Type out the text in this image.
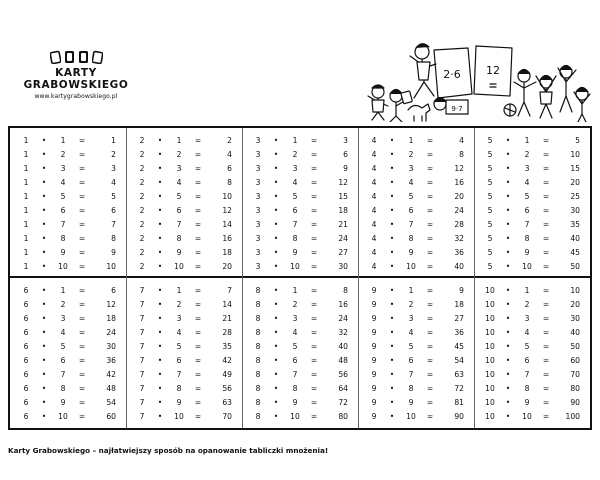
KARTY
GRABOWSKIEGO
www.kartygrabowskiego.pl
2·6 12
9·7
1	•	1	=	1
1	•	2	=	2
1	•	3	=	3
1	•	4	=	4
1	•	5	=	5
1	•	6	=	6
1	•	7	=	7
1	•	8	=	8
1	•	9	=	9
1	•	10	=	10
2	•	1	=	2
2	•	2	=	4
2	•	3	=	6
2	•	4	=	8
2	•	5	=	10
2	•	6	=	12
2	•	7	=	14
2	•	8	=	16
2	•	9	=	18
2	•	10	=	20
3	•	1	=	3
3	•	2	=	6
3	•	3	=	9
3	•	4	=	12
3	•	5	=	15
3	•	6	=	18
3	•	7	=	21
3	•	8	=	24
3	•	9	=	27
3	•	10	=	30
4	•	1	=	4
4	•	2	=	8
4	•	3	=	12
4	•	4	=	16
4	•	5	=	20
4	•	6	=	24
4	•	7	=	28
4	•	8	=	32
4	•	9	=	36
4	•	10	=	40
5	•	1	=	5
5	•	2	=	10
5	•	3	=	15
5	•	4	=	20
5	•	5	=	25
5	•	6	=	30
5	•	7	=	35
5	•	8	=	40
5	•	9	=	45
5	•	10	=	50
6	•	1	=	6
6	•	2	=	12
6	•	3	=	18
6	•	4	=	24
6	•	5	=	30
6	•	6	=	36
6	•	7	=	42
6	•	8	=	48
6	•	9	=	54
6	•	10	=	60
7	•	1	=	7
7	•	2	=	14
7	•	3	=	21
7	•	4	=	28
7	•	5	=	35
7	•	6	=	42
7	•	7	=	49
7	•	8	=	56
7	•	9	=	63
7	•	10	=	70
8	•	1	=	8
8	•	2	=	16
8	•	3	=	24
8	•	4	=	32
8	•	5	=	40
8	•	6	=	48
8	•	7	=	56
8	•	8	=	64
8	•	9	=	72
8	•	10	=	80
9	•	1	=	9
9	•	2	=	18
9	•	3	=	27
9	•	4	=	36
9	•	5	=	45
9	•	6	=	54
9	•	7	=	63
9	•	8	=	72
9	•	9	=	81
9	•	10	=	90
10 •	1	=	10
10 •	2	=	20
10 •	3	=	30
10 •	4	=	40
10 •	5	=	50
10 •	6	=	60
10 •	7	=	70
10 •	8	=	80
10 •	9	=	90
10 •	10	=	100
Karty Grabowskiego – najłatwiejszy sposób na opanowanie tabliczki mnożenia!
